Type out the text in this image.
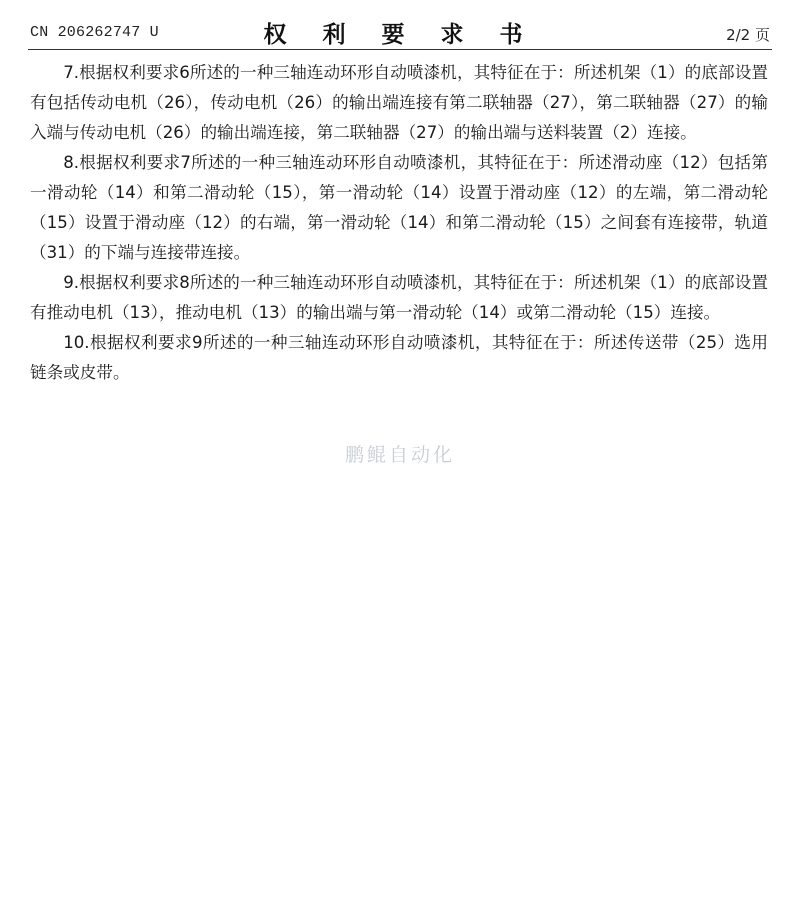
CN 206262747 U	权 利 要 求 书	2/2 页

7.根据权利要求6所述的一种三轴连动环形自动喷漆机，其特征在于：所述机架（1）的底部设置有包括传动电机（26），传动电机（26）的输出端连接有第二联轴器（27），第二联轴器（27）的输入端与传动电机（26）的输出端连接，第二联轴器（27）的输出端与送料装置（2）连接。

8.根据权利要求7所述的一种三轴连动环形自动喷漆机，其特征在于：所述滑动座（12）包括第一滑动轮（14）和第二滑动轮（15），第一滑动轮（14）设置于滑动座（12）的左端，第二滑动轮（15）设置于滑动座（12）的右端，第一滑动轮（14）和第二滑动轮（15）之间套有连接带，轨道（31）的下端与连接带连接。

9.根据权利要求8所述的一种三轴连动环形自动喷漆机，其特征在于：所述机架（1）的底部设置有推动电机（13），推动电机（13）的输出端与第一滑动轮（14）或第二滑动轮（15）连接。

10.根据权利要求9所述的一种三轴连动环形自动喷漆机，其特征在于：所述传送带（25）选用链条或皮带。

鹏鲲自动化
